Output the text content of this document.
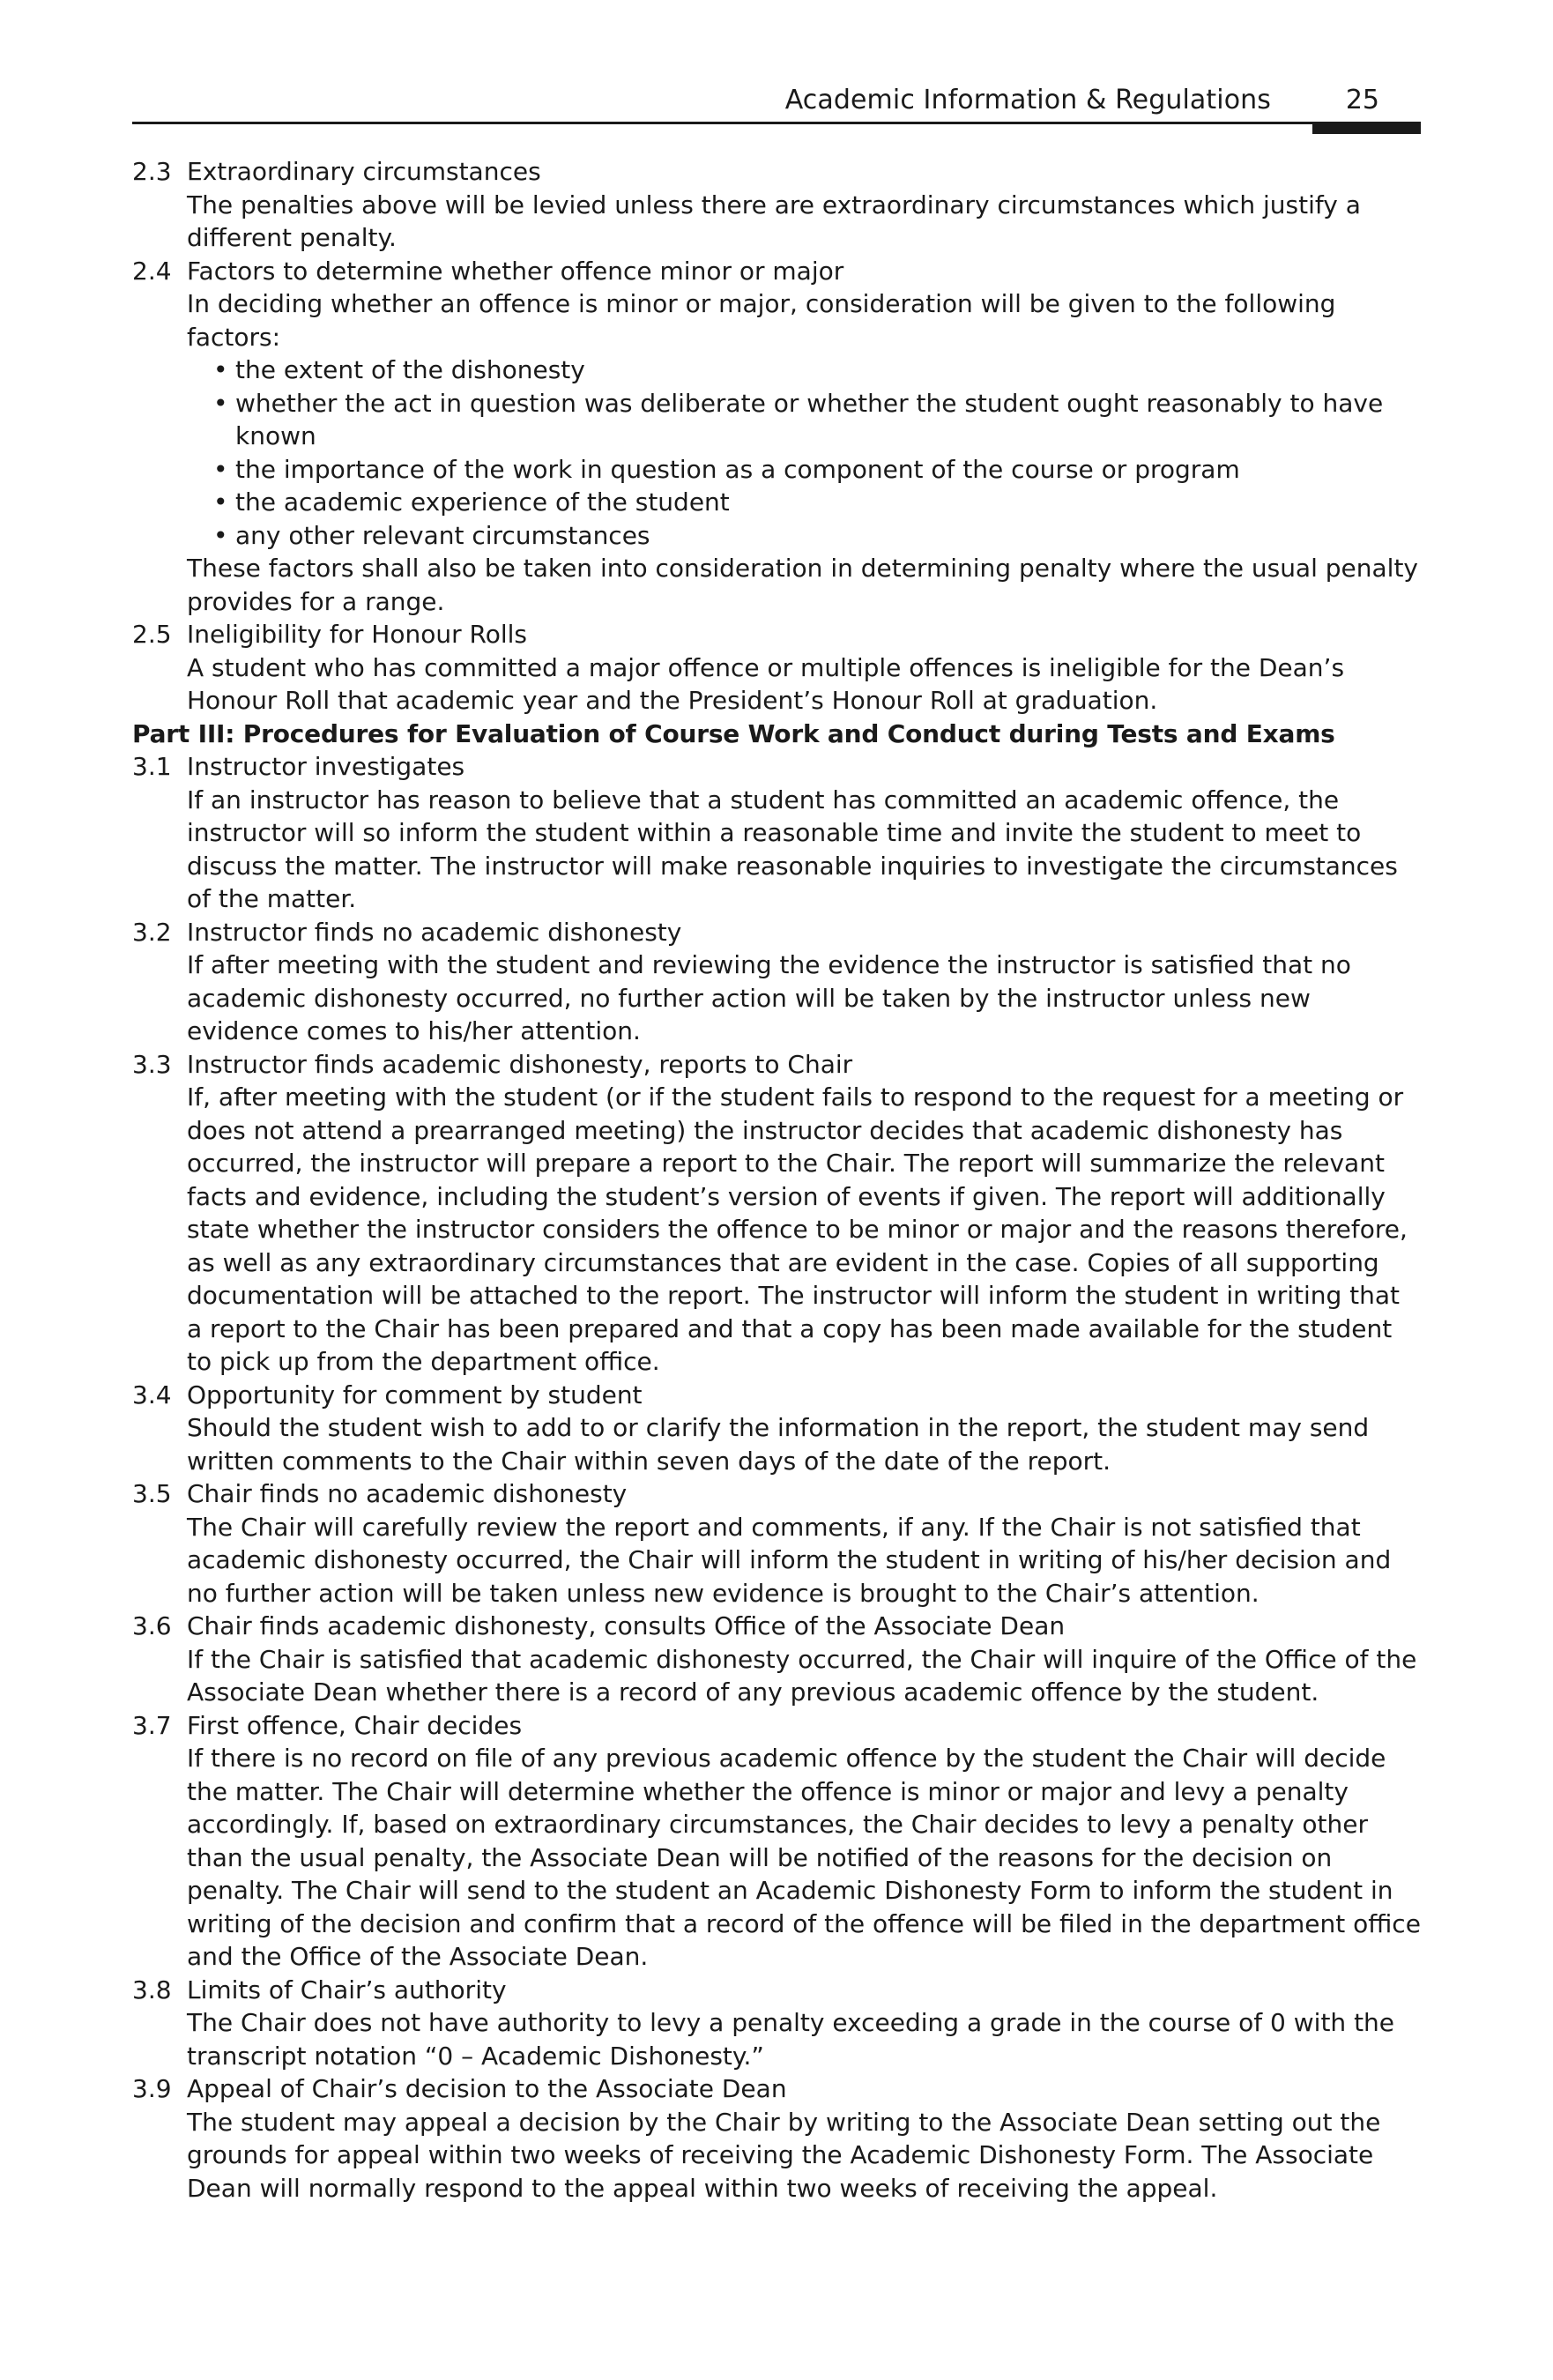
Academic Information & Regulations	25
2.3 Extraordinary circumstances

The penalties above will be levied unless there are extraordinary circumstances which justify a different penalty.

2.4 Factors to determine whether offence minor or major

In deciding whether an offence is minor or major, consideration will be given to the following factors:

• the extent of the dishonesty
• whether the act in question was deliberate or whether the student ought reasonably to have known
• the importance of the work in question as a component of the course or program
• the academic experience of the student
• any other relevant circumstances

These factors shall also be taken into consideration in determining penalty where the usual penalty provides for a range.

2.5 Ineligibility for Honour Rolls

A student who has committed a major offence or multiple offences is ineligible for the Dean’s Honour Roll that academic year and the President’s Honour Roll at graduation.

Part III: Procedures for Evaluation of Course Work and Conduct during Tests and Exams

3.1 Instructor investigates

If an instructor has reason to believe that a student has committed an academic offence, the instructor will so inform the student within a reasonable time and invite the student to meet to discuss the matter. The instructor will make reasonable inquiries to investigate the circumstances of the matter.

3.2 Instructor finds no academic dishonesty

If after meeting with the student and reviewing the evidence the instructor is satisfied that no academic dishonesty occurred, no further action will be taken by the instructor unless new evidence comes to his/her attention.

3.3 Instructor finds academic dishonesty, reports to Chair

If, after meeting with the student (or if the student fails to respond to the request for a meeting or does not attend a prearranged meeting) the instructor decides that academic dishonesty has occurred, the instructor will prepare a report to the Chair. The report will summarize the relevant facts and evidence, including the student’s version of events if given. The report will additionally state whether the instructor considers the offence to be minor or major and the reasons therefore, as well as any extraordinary circumstances that are evident in the case. Copies of all supporting documentation will be attached to the report. The instructor will inform the student in writing that a report to the Chair has been prepared and that a copy has been made available for the student to pick up from the department office.

3.4 Opportunity for comment by student

Should the student wish to add to or clarify the information in the report, the student may send written comments to the Chair within seven days of the date of the report.

3.5 Chair finds no academic dishonesty

The Chair will carefully review the report and comments, if any. If the Chair is not satisfied that academic dishonesty occurred, the Chair will inform the student in writing of his/her decision and no further action will be taken unless new evidence is brought to the Chair’s attention.

3.6 Chair finds academic dishonesty, consults Office of the Associate Dean

If the Chair is satisfied that academic dishonesty occurred, the Chair will inquire of the Office of the Associate Dean whether there is a record of any previous academic offence by the student.

3.7 First offence, Chair decides

If there is no record on file of any previous academic offence by the student the Chair will decide the matter. The Chair will determine whether the offence is minor or major and levy a penalty accordingly. If, based on extraordinary circumstances, the Chair decides to levy a penalty other than the usual penalty, the Associate Dean will be notified of the reasons for the decision on penalty. The Chair will send to the student an Academic Dishonesty Form to inform the student in writing of the decision and confirm that a record of the offence will be filed in the department office and the Office of the Associate Dean.

3.8 Limits of Chair’s authority

The Chair does not have authority to levy a penalty exceeding a grade in the course of 0 with the transcript notation “0 – Academic Dishonesty.”

3.9 Appeal of Chair’s decision to the Associate Dean

The student may appeal a decision by the Chair by writing to the Associate Dean setting out the grounds for appeal within two weeks of receiving the Academic Dishonesty Form. The Associate Dean will normally respond to the appeal within two weeks of receiving the appeal.
